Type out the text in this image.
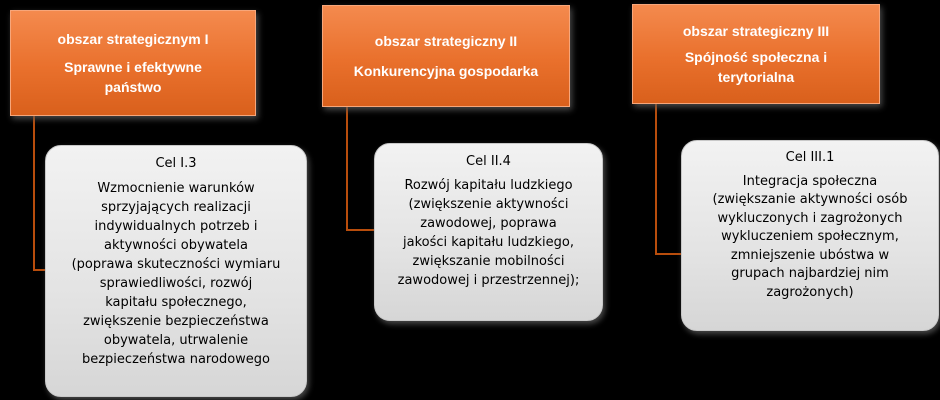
obszar strategicznym I
Sprawne i efektywne
państwo
obszar strategiczny II
Konkurencyjna gospodarka
obszar strategiczny III
Spójność społeczna i
terytorialna
Cel I.3
Wzmocnienie warunków
sprzyjających realizacji
indywidualnych potrzeb i
aktywności obywatela
(poprawa skuteczności wymiaru
sprawiedliwości, rozwój
kapitału społecznego,
zwiększenie bezpieczeństwa
obywatela, utrwalenie
bezpieczeństwa narodowego
Cel II.4
Rozwój kapitału ludzkiego
(zwiększenie aktywności
zawodowej, poprawa
jakości kapitału ludzkiego,
zwiększanie mobilności
zawodowej i przestrzennej);
Cel III.1
Integracja społeczna
(zwiększanie aktywności osób
wykluczonych i zagrożonych
wykluczeniem społecznym,
zmniejszenie ubóstwa w
grupach najbardziej nim
zagrożonych)
